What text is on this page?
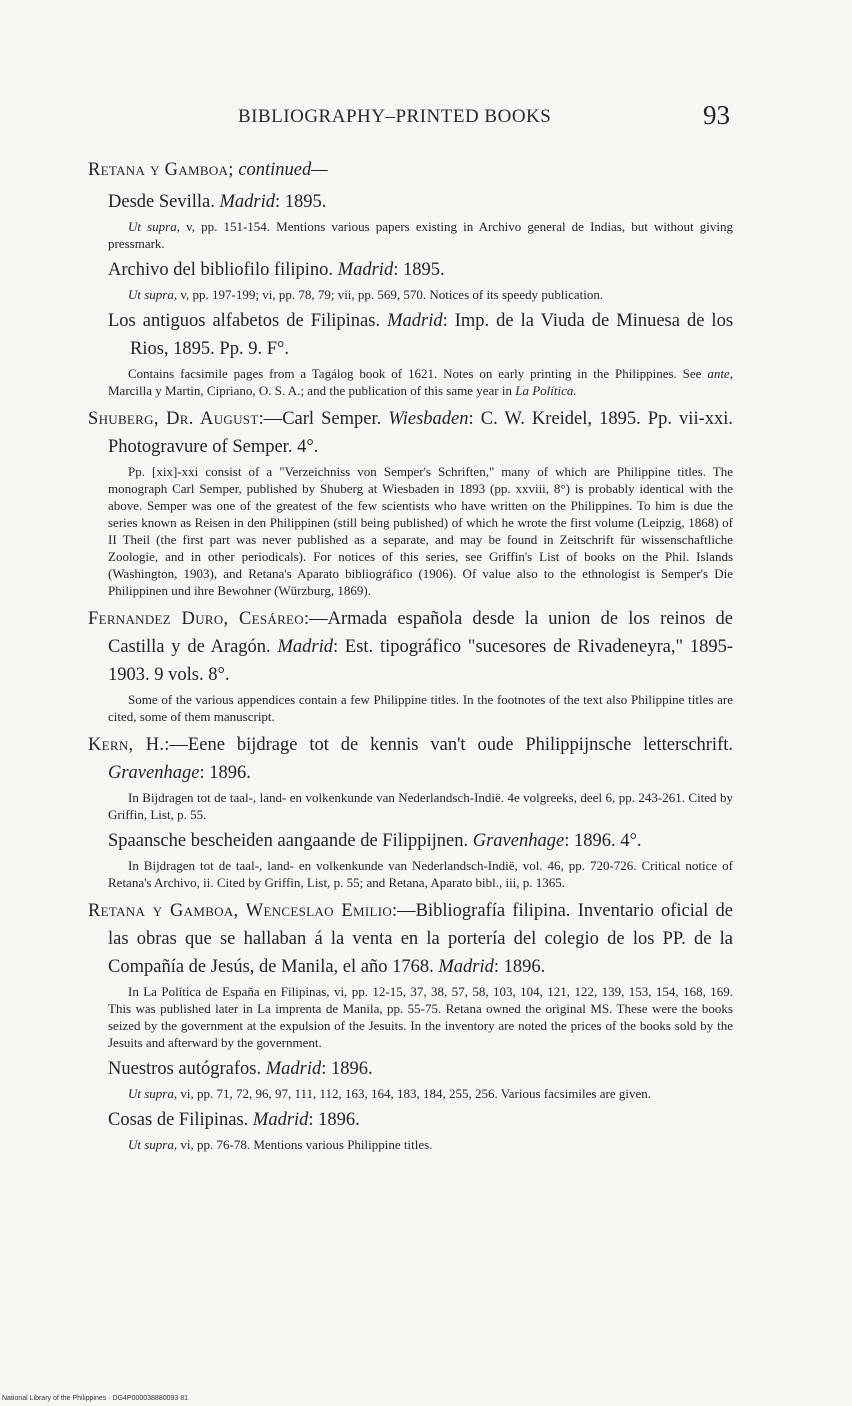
BIBLIOGRAPHY–PRINTED BOOKS	93

Retana y Gamboa; continued—

Desde Sevilla. Madrid: 1895.

Ut supra, v, pp. 151-154. Mentions various papers existing in Archivo general de Indias, but without giving pressmark.

Archivo del bibliofilo filipino. Madrid: 1895.

Ut supra, v, pp. 197-199; vi, pp. 78, 79; vii, pp. 569, 570. Notices of its speedy publication.

Los antiguos alfabetos de Filipinas. Madrid: Imp. de la Viuda de Minuesa de los Rios, 1895. Pp. 9. F°.

Contains facsimile pages from a Tagálog book of 1621. Notes on early printing in the Philippines. See ante, Marcilla y Martin, Cipriano, O. S. A.; and the publication of this same year in La Política.

Shuberg, Dr. August:—Carl Semper. Wiesbaden: C. W. Kreidel, 1895. Pp. vii-xxi. Photogravure of Semper. 4°.

Pp. [xix]-xxi consist of a "Verzeichniss von Semper's Schriften," many of which are Philippine titles. The monograph Carl Semper, published by Shuberg at Wiesbaden in 1893 (pp. xxviii, 8°) is probably identical with the above. Semper was one of the greatest of the few scientists who have written on the Philippines. To him is due the series known as Reisen in den Philippinen (still being published) of which he wrote the first volume (Leipzig, 1868) of II Theil (the first part was never published as a separate, and may be found in Zeitschrift für wissenschaftliche Zoologie, and in other periodicals). For notices of this series, see Griffin's List of books on the Phil. Islands (Washington, 1903), and Retana's Aparato bibliográfico (1906). Of value also to the ethnologist is Semper's Die Philippinen und ihre Bewohner (Würzburg, 1869).

Fernandez Duro, Cesáreo:—Armada española desde la union de los reinos de Castilla y de Aragón. Madrid: Est. tipográfico "sucesores de Rivadeneyra," 1895-1903. 9 vols. 8°.

Some of the various appendices contain a few Philippine titles. In the footnotes of the text also Philippine titles are cited, some of them manuscript.

Kern, H.:—Eene bijdrage tot de kennis van't oude Philippijnsche letterschrift. Gravenhage: 1896.

In Bijdragen tot de taal-, land- en volkenkunde van Nederlandsch-Indië. 4e volgreeks, deel 6, pp. 243-261. Cited by Griffin, List, p. 55.

Spaansche bescheiden aangaande de Filippijnen. Gravenhage: 1896. 4°.

In Bijdragen tot de taal-, land- en volkenkunde van Nederlandsch-Indië, vol. 46, pp. 720-726. Critical notice of Retana's Archivo, ii. Cited by Griffin, List, p. 55; and Retana, Aparato bibl., iii, p. 1365.

Retana y Gamboa, Wenceslao Emilio:—Bibliografía filipina. Inventario oficial de las obras que se hallaban á la venta en la portería del colegio de los PP. de la Compañía de Jesús, de Manila, el año 1768. Madrid: 1896.

In La Política de España en Filipinas, vi, pp. 12-15, 37, 38, 57, 58, 103, 104, 121, 122, 139, 153, 154, 168, 169. This was published later in La imprenta de Manila, pp. 55-75. Retana owned the original MS. These were the books seized by the government at the expulsion of the Jesuits. In the inventory are noted the prices of the books sold by the Jesuits and afterward by the government.

Nuestros autógrafos. Madrid: 1896.

Ut supra, vi, pp. 71, 72, 96, 97, 111, 112, 163, 164, 183, 184, 255, 256. Various facsimiles are given.

Cosas de Filipinas. Madrid: 1896.

Ut supra, vi, pp. 76-78. Mentions various Philippine titles.

National Library of the Philippines · DG4P000038880093 81
